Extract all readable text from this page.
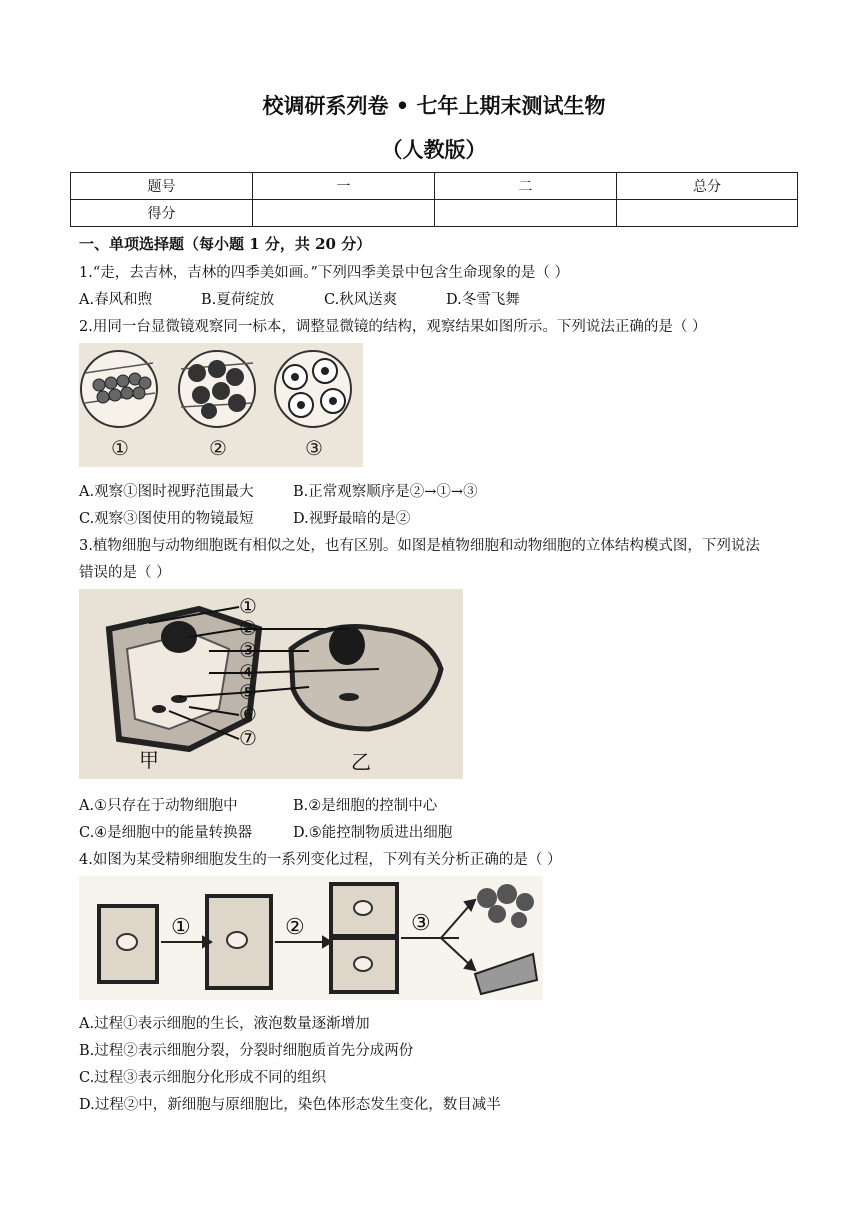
校调研系列卷 • 七年上期末测试生物
（人教版）
题号	一	二	总分
得分			
一、单项选择题（每小题 1 分，共 20 分）
1.“走，去吉林，吉林的四季美如画。”下列四季美景中包含生命现象的是（ ）
A.春风和煦	B.夏荷绽放	C.秋风送爽	D.冬雪飞舞
2.用同一台显微镜观察同一标本，调整显微镜的结构，观察结果如图所示。下列说法正确的是（ ）
①	②	③
A.观察①图时视野范围最大	B.正常观察顺序是②→①→③
C.观察③图使用的物镜最短	D.视野最暗的是②
3.植物细胞与动物细胞既有相似之处，也有区别。如图是植物细胞和动物细胞的立体结构模式图，下列说法
错误的是（ ）
①
②
③
④
⑤
⑥
⑦
甲	乙
A.①只存在于动物细胞中	B.②是细胞的控制中心
C.④是细胞中的能量转换器	D.⑤能控制物质进出细胞
4.如图为某受精卵细胞发生的一系列变化过程，下列有关分析正确的是（ ）
①	②	③
A.过程①表示细胞的生长，液泡数量逐渐增加
B.过程②表示细胞分裂，分裂时细胞质首先分成两份
C.过程③表示细胞分化形成不同的组织
D.过程②中，新细胞与原细胞比，染色体形态发生变化，数目减半
